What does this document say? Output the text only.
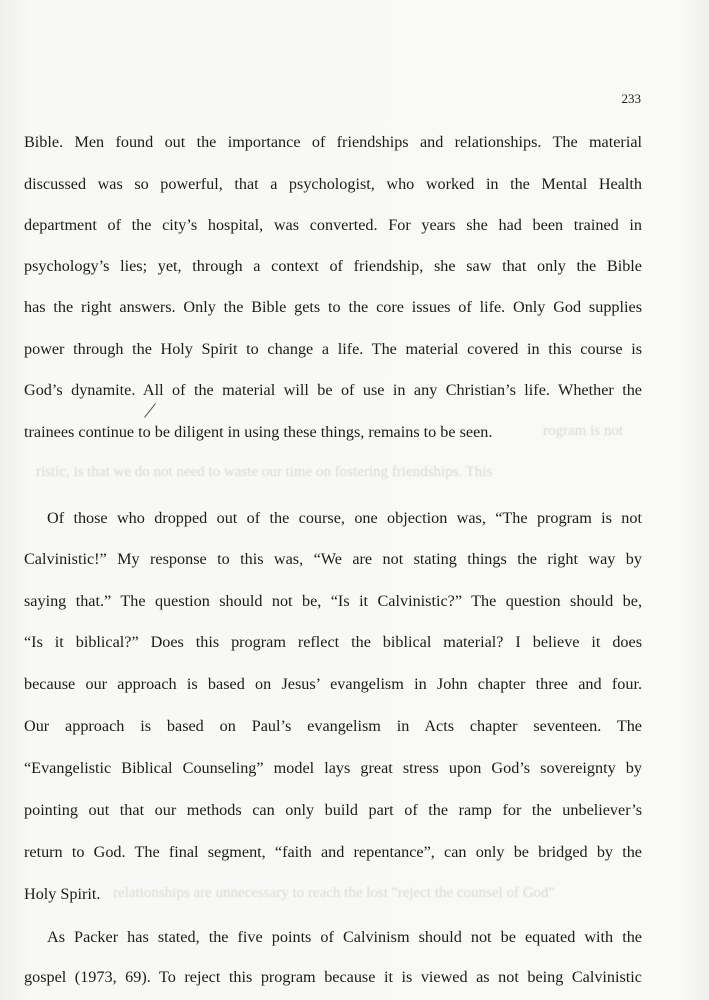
rogram is not
ristic, is that we do not need to waste our time on fostering friendships. This
relationships are unnecessary to reach the lost "reject the counsel of God"
233
Bible. Men found out the importance of friendships and relationships. The material
discussed was so powerful, that a psychologist, who worked in the Mental Health
department of the city’s hospital, was converted. For years she had been trained in
psychology’s lies; yet, through a context of friendship, she saw that only the Bible
has the right answers. Only the Bible gets to the core issues of life. Only God supplies
power through the Holy Spirit to change a life. The material covered in this course is
God’s dynamite. All of the material will be of use in any Christian’s life. Whether the
trainees continue to be diligent in using these things, remains to be seen.
Of those who dropped out of the course, one objection was, “The program is not
Calvinistic!” My response to this was, “We are not stating things the right way by
saying that.” The question should not be, “Is it Calvinistic?” The question should be,
“Is it biblical?” Does this program reflect the biblical material? I believe it does
because our approach is based on Jesus’ evangelism in John chapter three and four.
Our approach is based on Paul’s evangelism in Acts chapter seventeen. The
“Evangelistic Biblical Counseling” model lays great stress upon God’s sovereignty by
pointing out that our methods can only build part of the ramp for the unbeliever’s
return to God. The final segment, “faith and repentance”, can only be bridged by the
Holy Spirit.
As Packer has stated, the five points of Calvinism should not be equated with the
gospel (1973, 69). To reject this program because it is viewed as not being Calvinistic
